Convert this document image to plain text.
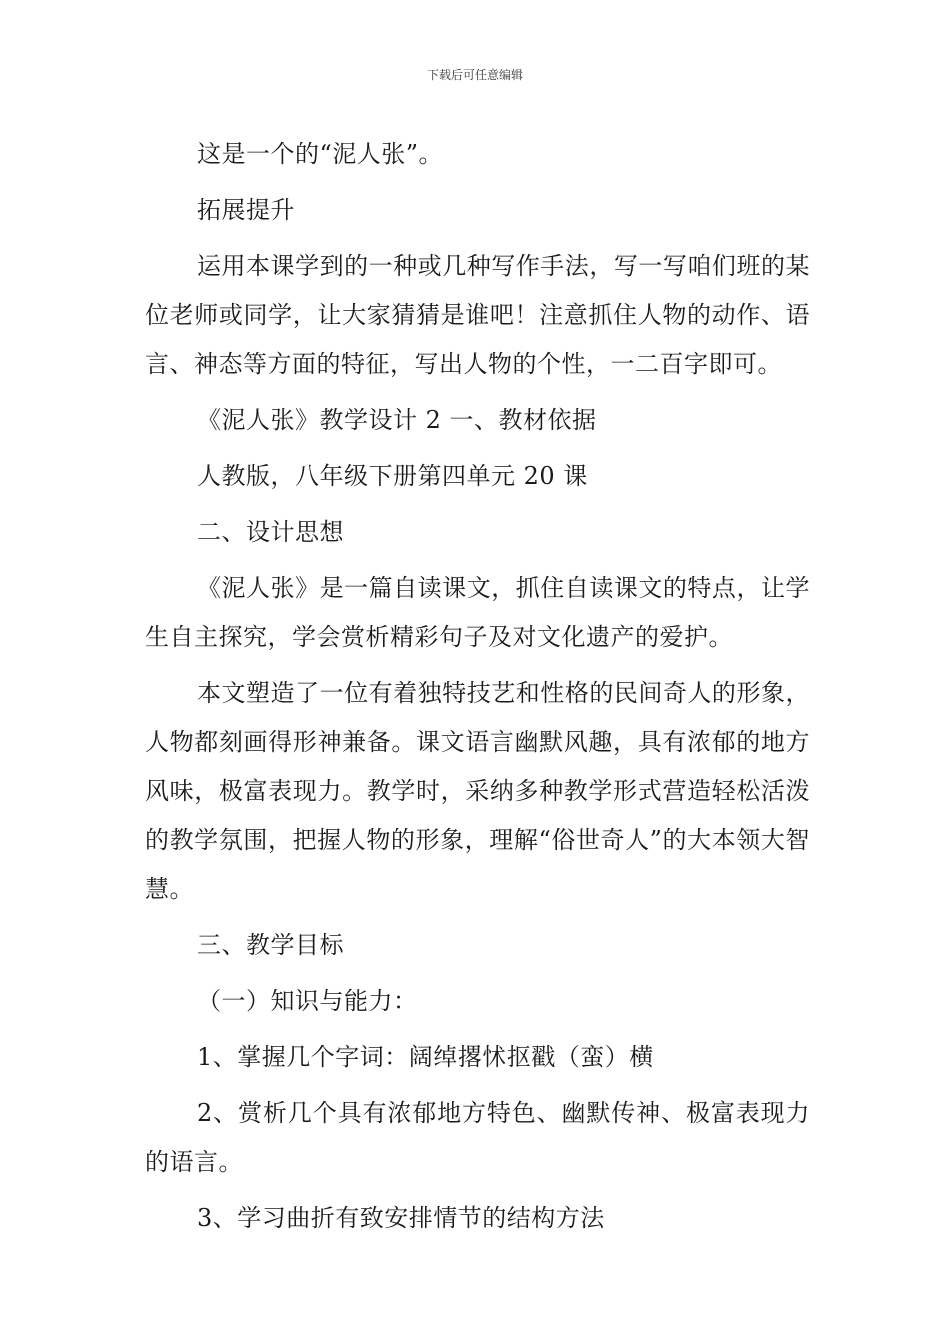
下载后可任意编辑

这是一个的“泥人张”。

拓展提升

运用本课学到的一种或几种写作手法，写一写咱们班的某位老师或同学，让大家猜猜是谁吧！注意抓住人物的动作、语言、神态等方面的特征，写出人物的个性，一二百字即可。

《泥人张》教学设计 2 一、教材依据

人教版，八年级下册第四单元 20 课

二、设计思想

《泥人张》是一篇自读课文，抓住自读课文的特点，让学生自主探究，学会赏析精彩句子及对文化遗产的爱护。

本文塑造了一位有着独特技艺和性格的民间奇人的形象，人物都刻画得形神兼备。课文语言幽默风趣，具有浓郁的地方风味，极富表现力。教学时，采纳多种教学形式营造轻松活泼的教学氛围，把握人物的形象，理解“俗世奇人”的大本领大智慧。

三、教学目标

（一）知识与能力：

1、掌握几个字词：阔绰撂怵抠戳（蛮）横

2、赏析几个具有浓郁地方特色、幽默传神、极富表现力的语言。

3、学习曲折有致安排情节的结构方法
